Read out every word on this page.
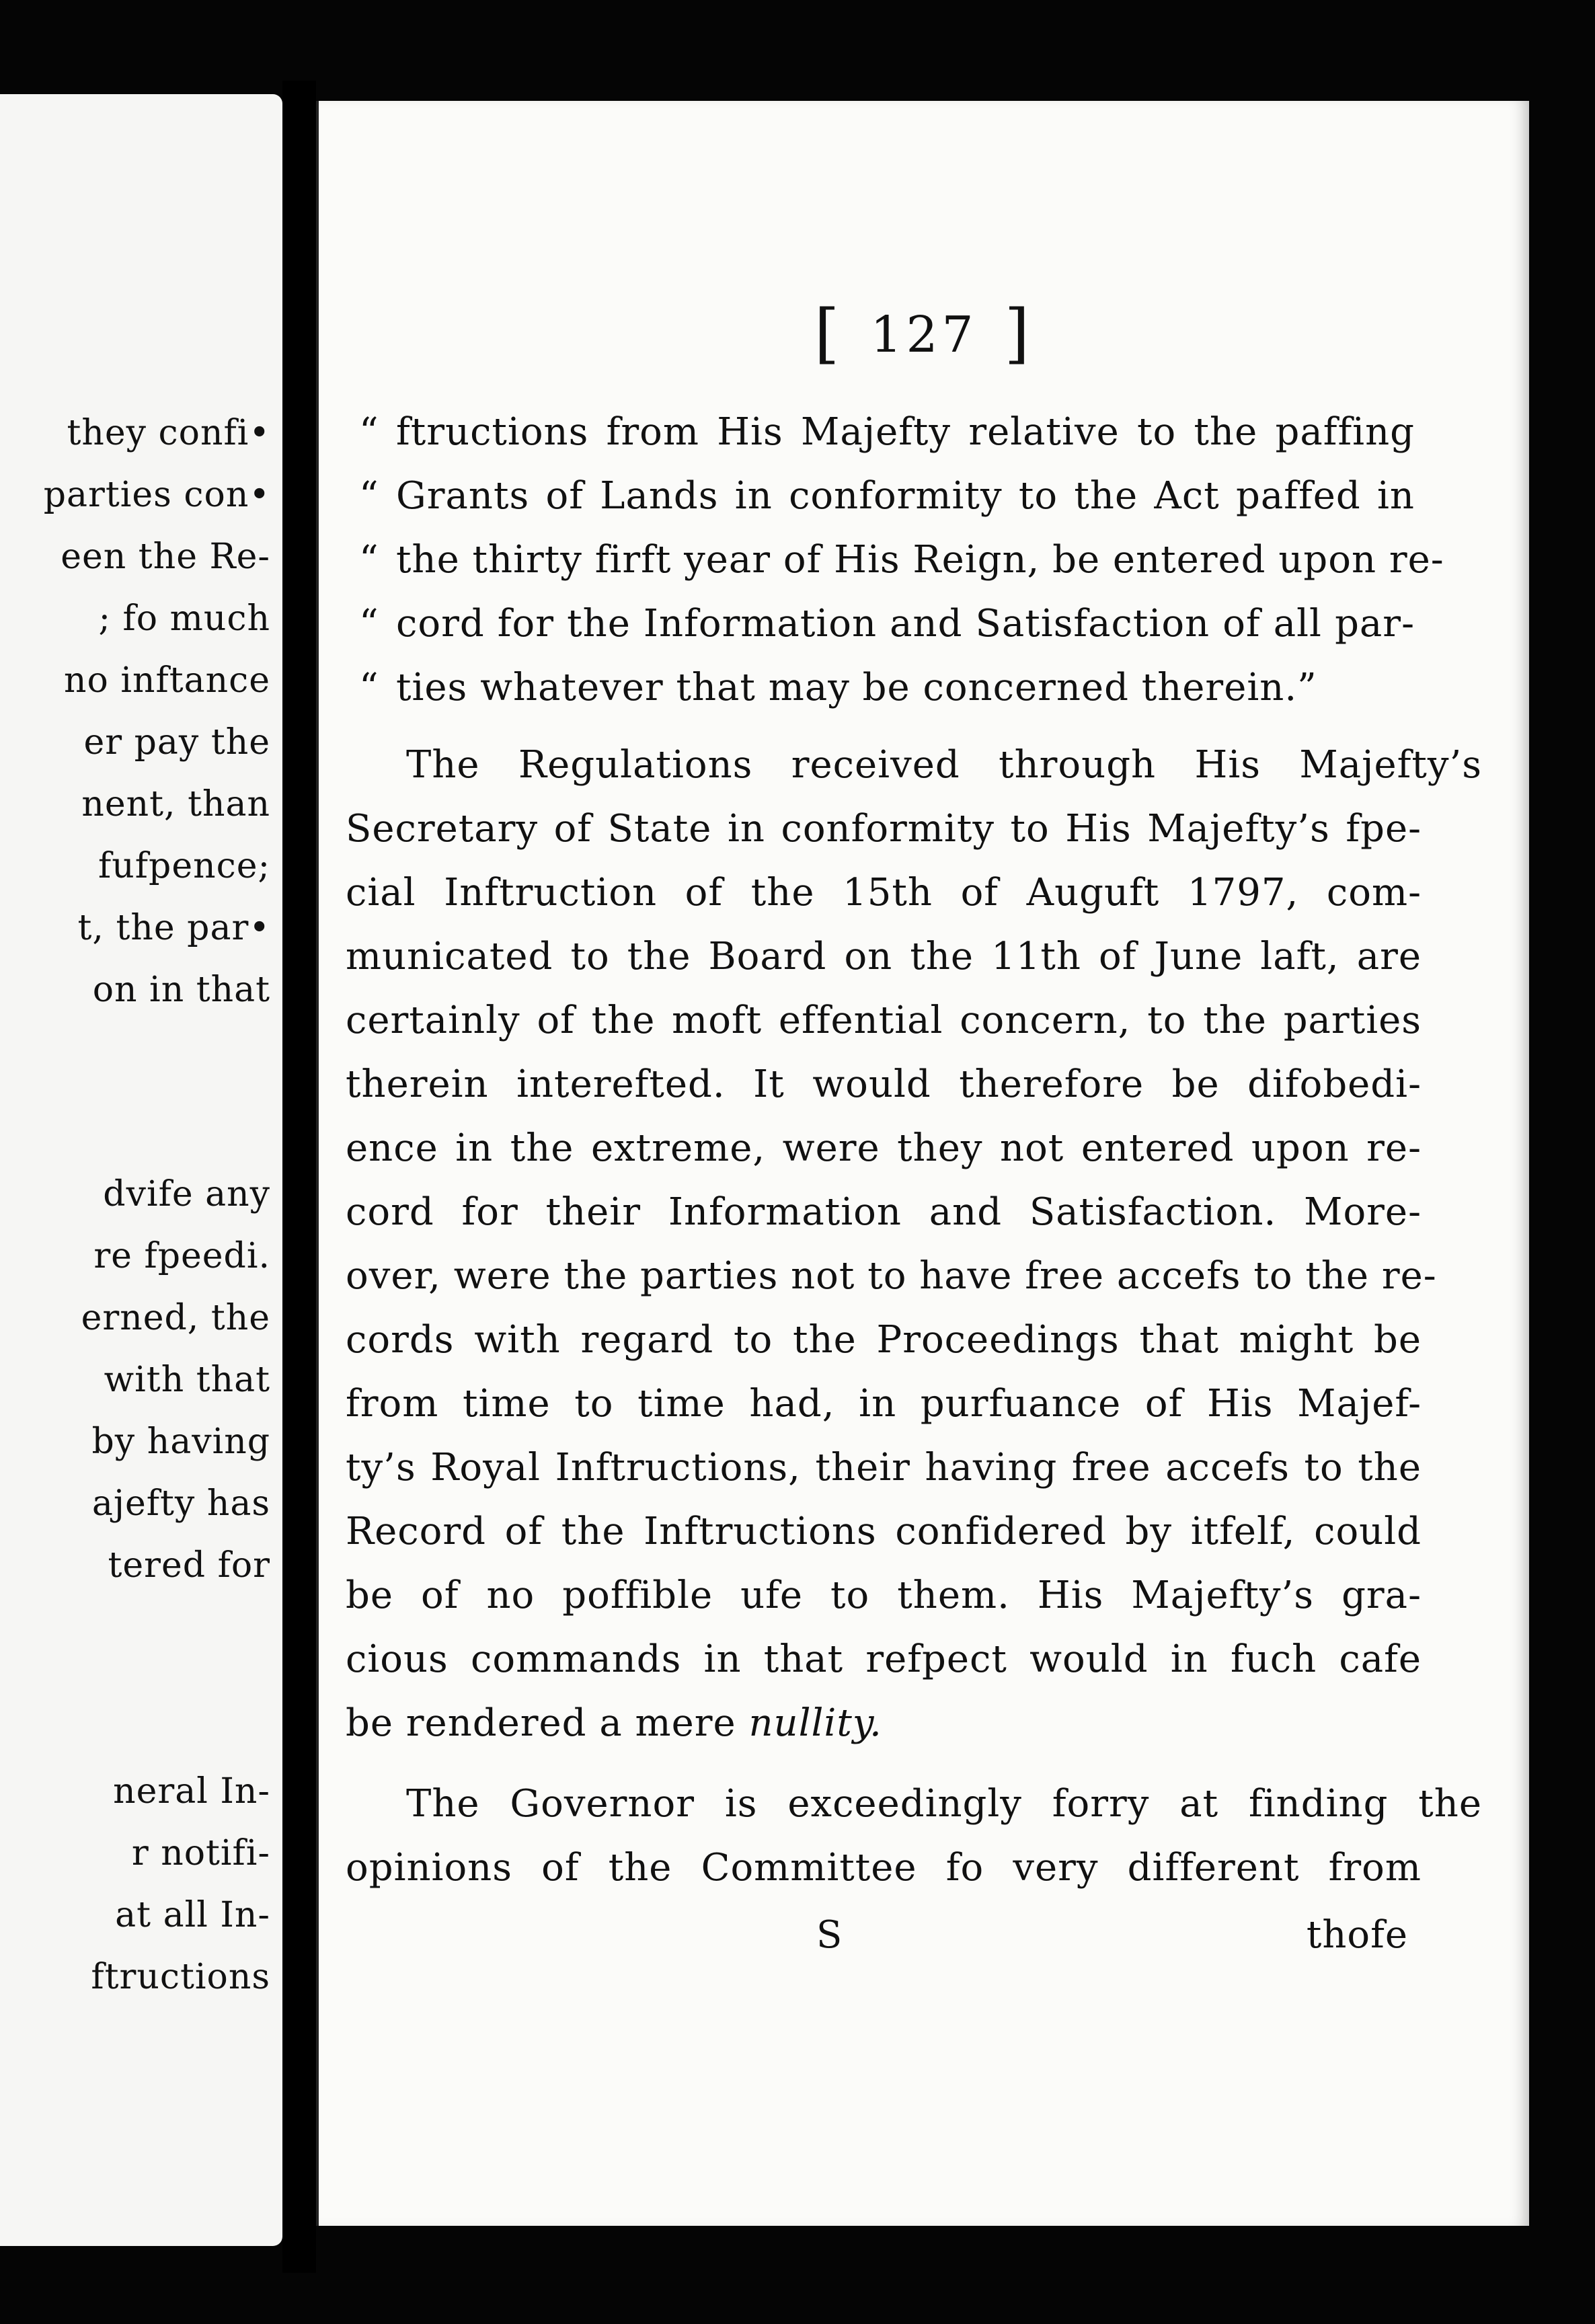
they confi•
parties con•
een the Re-
; fo much
no inftance
er pay the
nent, than
fufpence;
t, the par•
on in that
dvife any
re fpeedi.
erned, the
with that
by having
ajefty has
tered for
neral In-
r notifi-
at all In-
ftructions
[ 127 ]
“ ftructions from His Majefty relative to the paffing
“ Grants of Lands in conformity to the Act paffed in
“ the thirty firft year of His Reign, be entered upon re-
“ cord for the Information and Satisfaction of all par-
“ ties whatever that may be concerned therein.”
The Regulations received through His Majefty’s
Secretary of State in conformity to His Majefty’s fpe-
cial Inftruction of the 15th of Auguft 1797, com-
municated to the Board on the 11th of June laft, are
certainly of the moft effential concern, to the parties
therein interefted. It would therefore be difobedi-
ence in the extreme, were they not entered upon re-
cord for their Information and Satisfaction. More-
over, were the parties not to have free accefs to the re-
cords with regard to the Proceedings that might be
from time to time had, in purfuance of His Majef-
ty’s Royal Inftructions, their having free accefs to the
Record of the Inftructions confidered by itfelf, could
be of no poffible ufe to them. His Majefty’s gra-
cious commands in that refpect would in fuch cafe
be rendered a mere nullity.
The Governor is exceedingly forry at finding the
opinions of the Committee fo very different from
S	thofe
